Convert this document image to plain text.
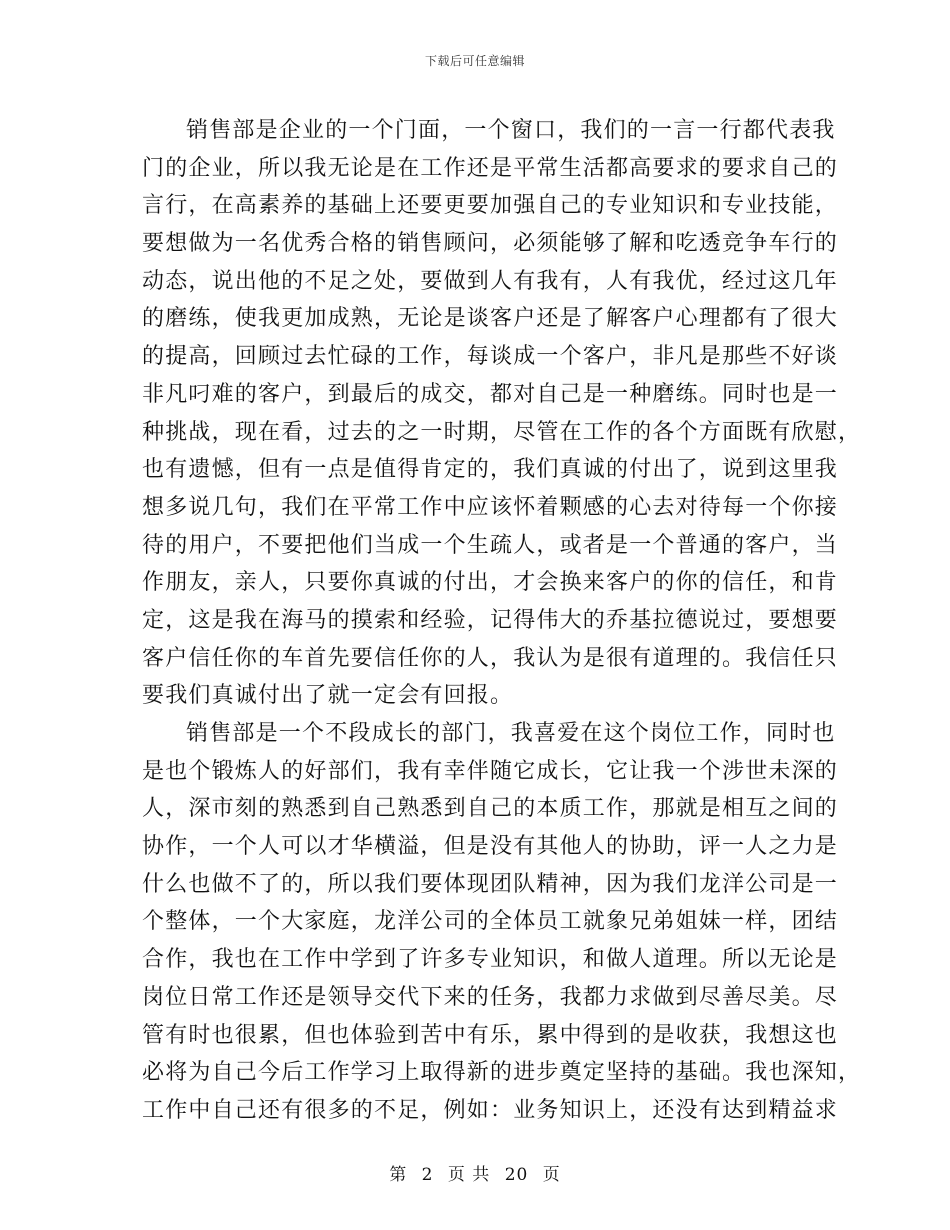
下载后可任意编辑
销售部是企业的一个门面，一个窗口，我们的一言一行都代表我
门的企业，所以我无论是在工作还是平常生活都高要求的要求自己的
言行，在高素养的基础上还要更要加强自己的专业知识和专业技能，
要想做为一名优秀合格的销售顾问，必须能够了解和吃透竞争车行的
动态，说出他的不足之处，要做到人有我有，人有我优，经过这几年
的磨练，使我更加成熟，无论是谈客户还是了解客户心理都有了很大
的提高，回顾过去忙碌的工作，每谈成一个客户，非凡是那些不好谈
非凡叼难的客户，到最后的成交，都对自己是一种磨练。同时也是一
种挑战，现在看，过去的之一时期，尽管在工作的各个方面既有欣慰，
也有遗憾，但有一点是值得肯定的，我们真诚的付出了，说到这里我
想多说几句，我们在平常工作中应该怀着颗感的心去对待每一个你接
待的用户，不要把他们当成一个生疏人，或者是一个普通的客户，当
作朋友，亲人，只要你真诚的付出，才会换来客户的你的信任，和肯
定，这是我在海马的摸索和经验，记得伟大的乔基拉德说过，要想要
客户信任你的车首先要信任你的人，我认为是很有道理的。我信任只
要我们真诚付出了就一定会有回报。
销售部是一个不段成长的部门，我喜爱在这个岗位工作，同时也
是也个锻炼人的好部们，我有幸伴随它成长，它让我一个涉世未深的
人，深市刻的熟悉到自己熟悉到自己的本质工作，那就是相互之间的
协作，一个人可以才华横溢，但是没有其他人的协助，评一人之力是
什么也做不了的，所以我们要体现团队精神，因为我们龙洋公司是一
个整体，一个大家庭，龙洋公司的全体员工就象兄弟姐妹一样，团结
合作，我也在工作中学到了许多专业知识，和做人道理。所以无论是
岗位日常工作还是领导交代下来的任务，我都力求做到尽善尽美。尽
管有时也很累，但也体验到苦中有乐，累中得到的是收获，我想这也
必将为自己今后工作学习上取得新的进步奠定坚持的基础。我也深知，
工作中自己还有很多的不足，例如：业务知识上，还没有达到精益求
第 2 页 共 20 页
